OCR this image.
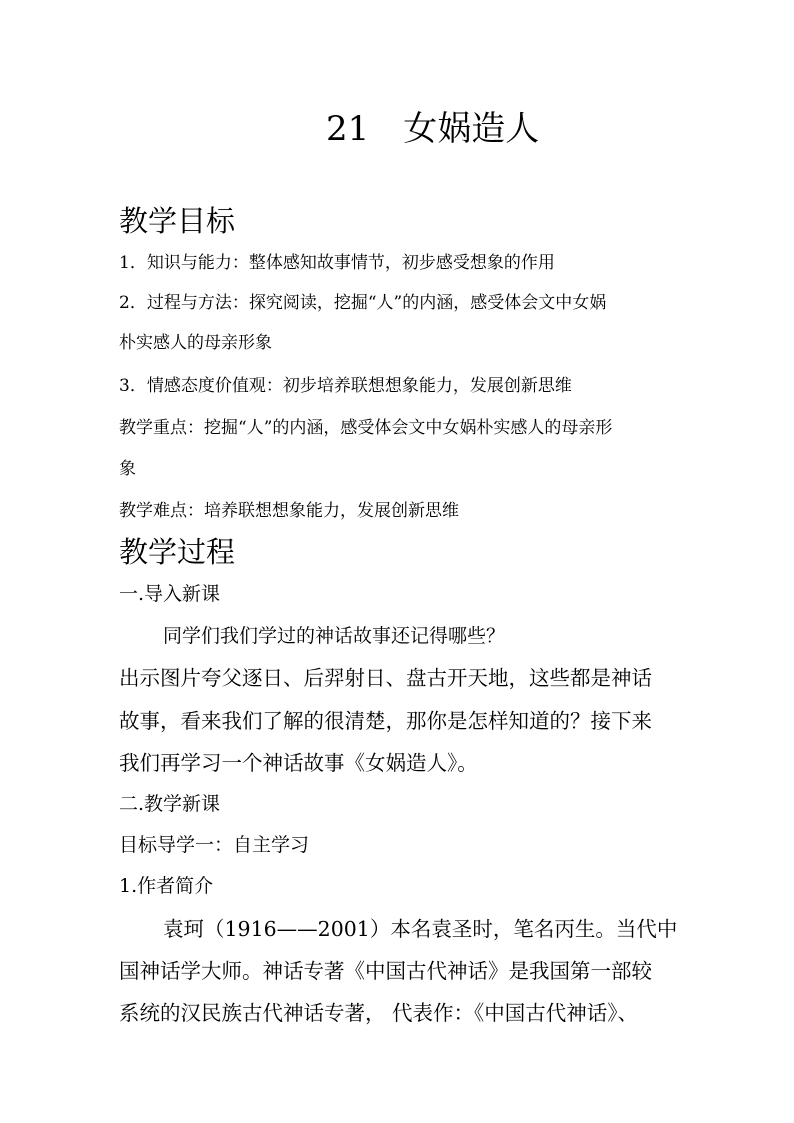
21 女娲造人
教学目标
1．知识与能力：整体感知故事情节，初步感受想象的作用
2．过程与方法：探究阅读，挖掘“人”的内涵，感受体会文中女娲
朴实感人的母亲形象
3．情感态度价值观：初步培养联想想象能力，发展创新思维
教学重点：挖掘“人”的内涵，感受体会文中女娲朴实感人的母亲形
象
教学难点：培养联想想象能力，发展创新思维
教学过程
一.导入新课
同学们我们学过的神话故事还记得哪些？
出示图片夸父逐日、后羿射日、盘古开天地，这些都是神话
故事，看来我们了解的很清楚，那你是怎样知道的？接下来
我们再学习一个神话故事《女娲造人》。
二.教学新课
目标导学一：自主学习
1.作者简介
袁珂（1916——2001）本名袁圣时，笔名丙生。当代中
国神话学大师。神话专著《中国古代神话》是我国第一部较
系统的汉民族古代神话专著， 代表作：《中国古代神话》、
